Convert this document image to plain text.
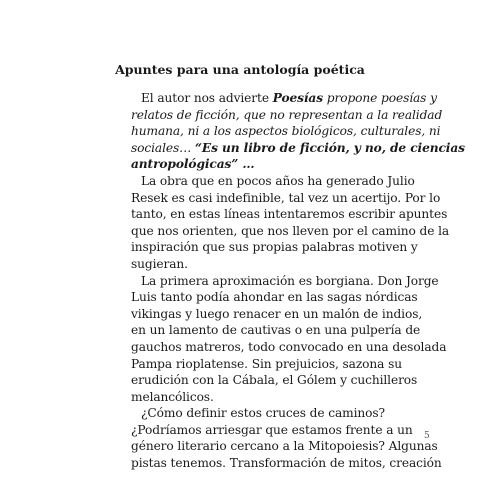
Apuntes para una antología poética
El autor nos advierte Poesías propone poesías y
relatos de ficción, que no representan a la realidad
humana, ni a los aspectos biológicos, culturales, ni
sociales… “Es un libro de ficción, y no, de ciencias
antropológicas” …
La obra que en pocos años ha generado Julio
Resek es casi indefinible, tal vez un acertijo. Por lo
tanto, en estas líneas intentaremos escribir apuntes
que nos orienten, que nos lleven por el camino de la
inspiración que sus propias palabras motiven y
sugieran.
La primera aproximación es borgiana. Don Jorge
Luis tanto podía ahondar en las sagas nórdicas
vikingas y luego renacer en un malón de indios,
en un lamento de cautivas o en una pulpería de
gauchos matreros, todo convocado en una desolada
Pampa rioplatense. Sin prejuicios, sazona su
erudición con la Cábala, el Gólem y cuchilleros
melancólicos.
¿Cómo definir estos cruces de caminos?
¿Podríamos arriesgar que estamos frente a un
género literario cercano a la Mitopoiesis? Algunas
pistas tenemos. Transformación de mitos, creación
5
